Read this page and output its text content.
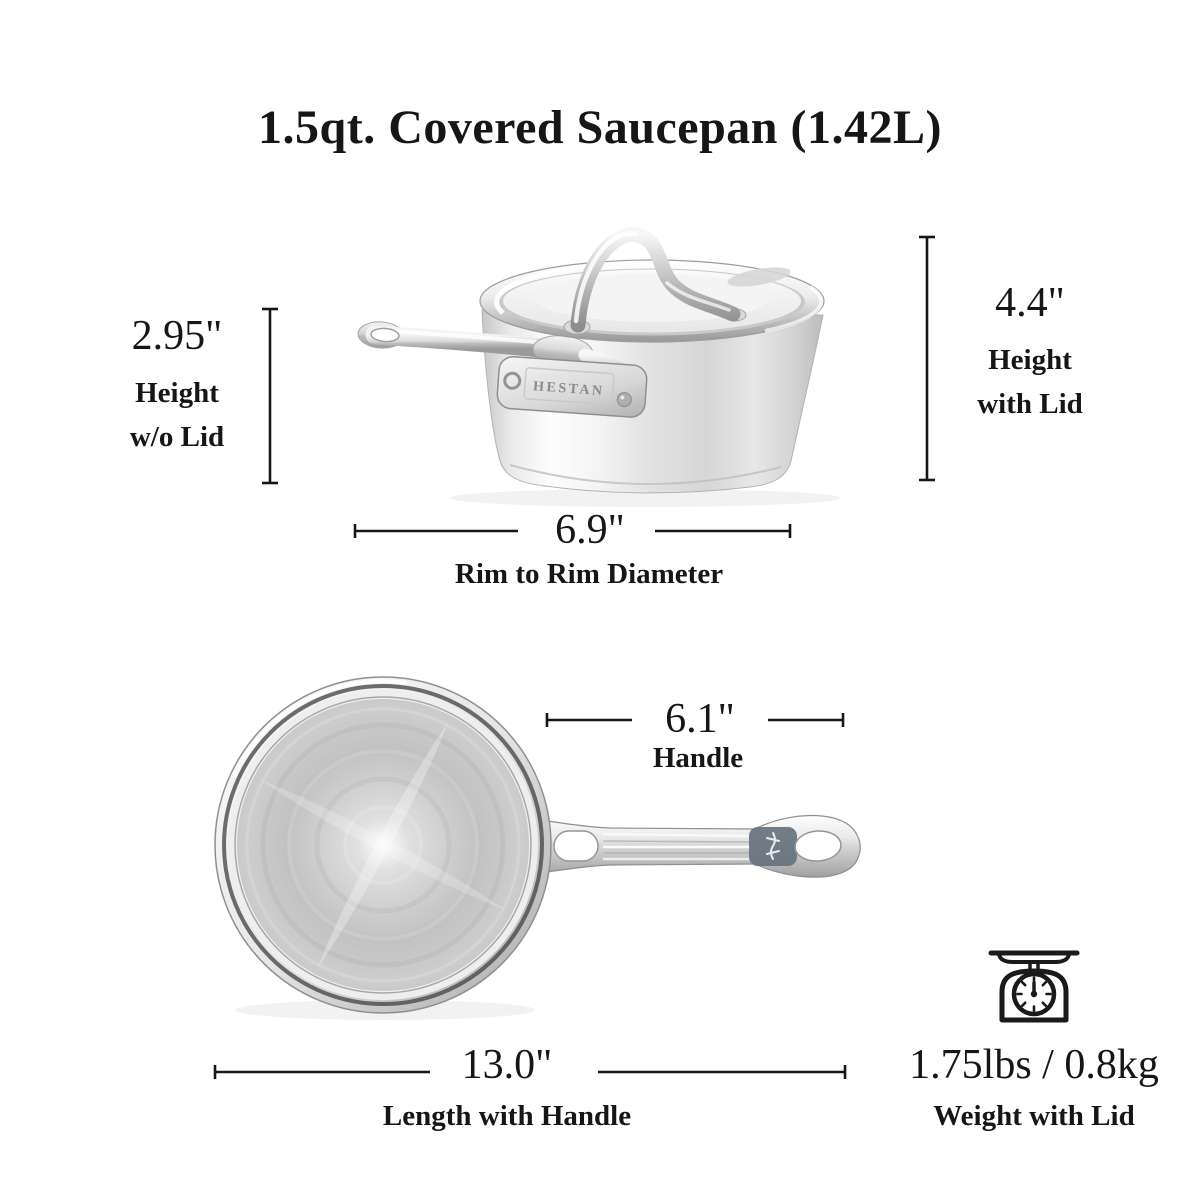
1.5qt. Covered Saucepan (1.42L)
HESTAN
2.95"
Height
w/o Lid
4.4"
Height
with Lid
6.9"
Rim to Rim Diameter
6.1"
Handle
13.0"
Length with Handle
1.75lbs / 0.8kg
Weight with Lid
